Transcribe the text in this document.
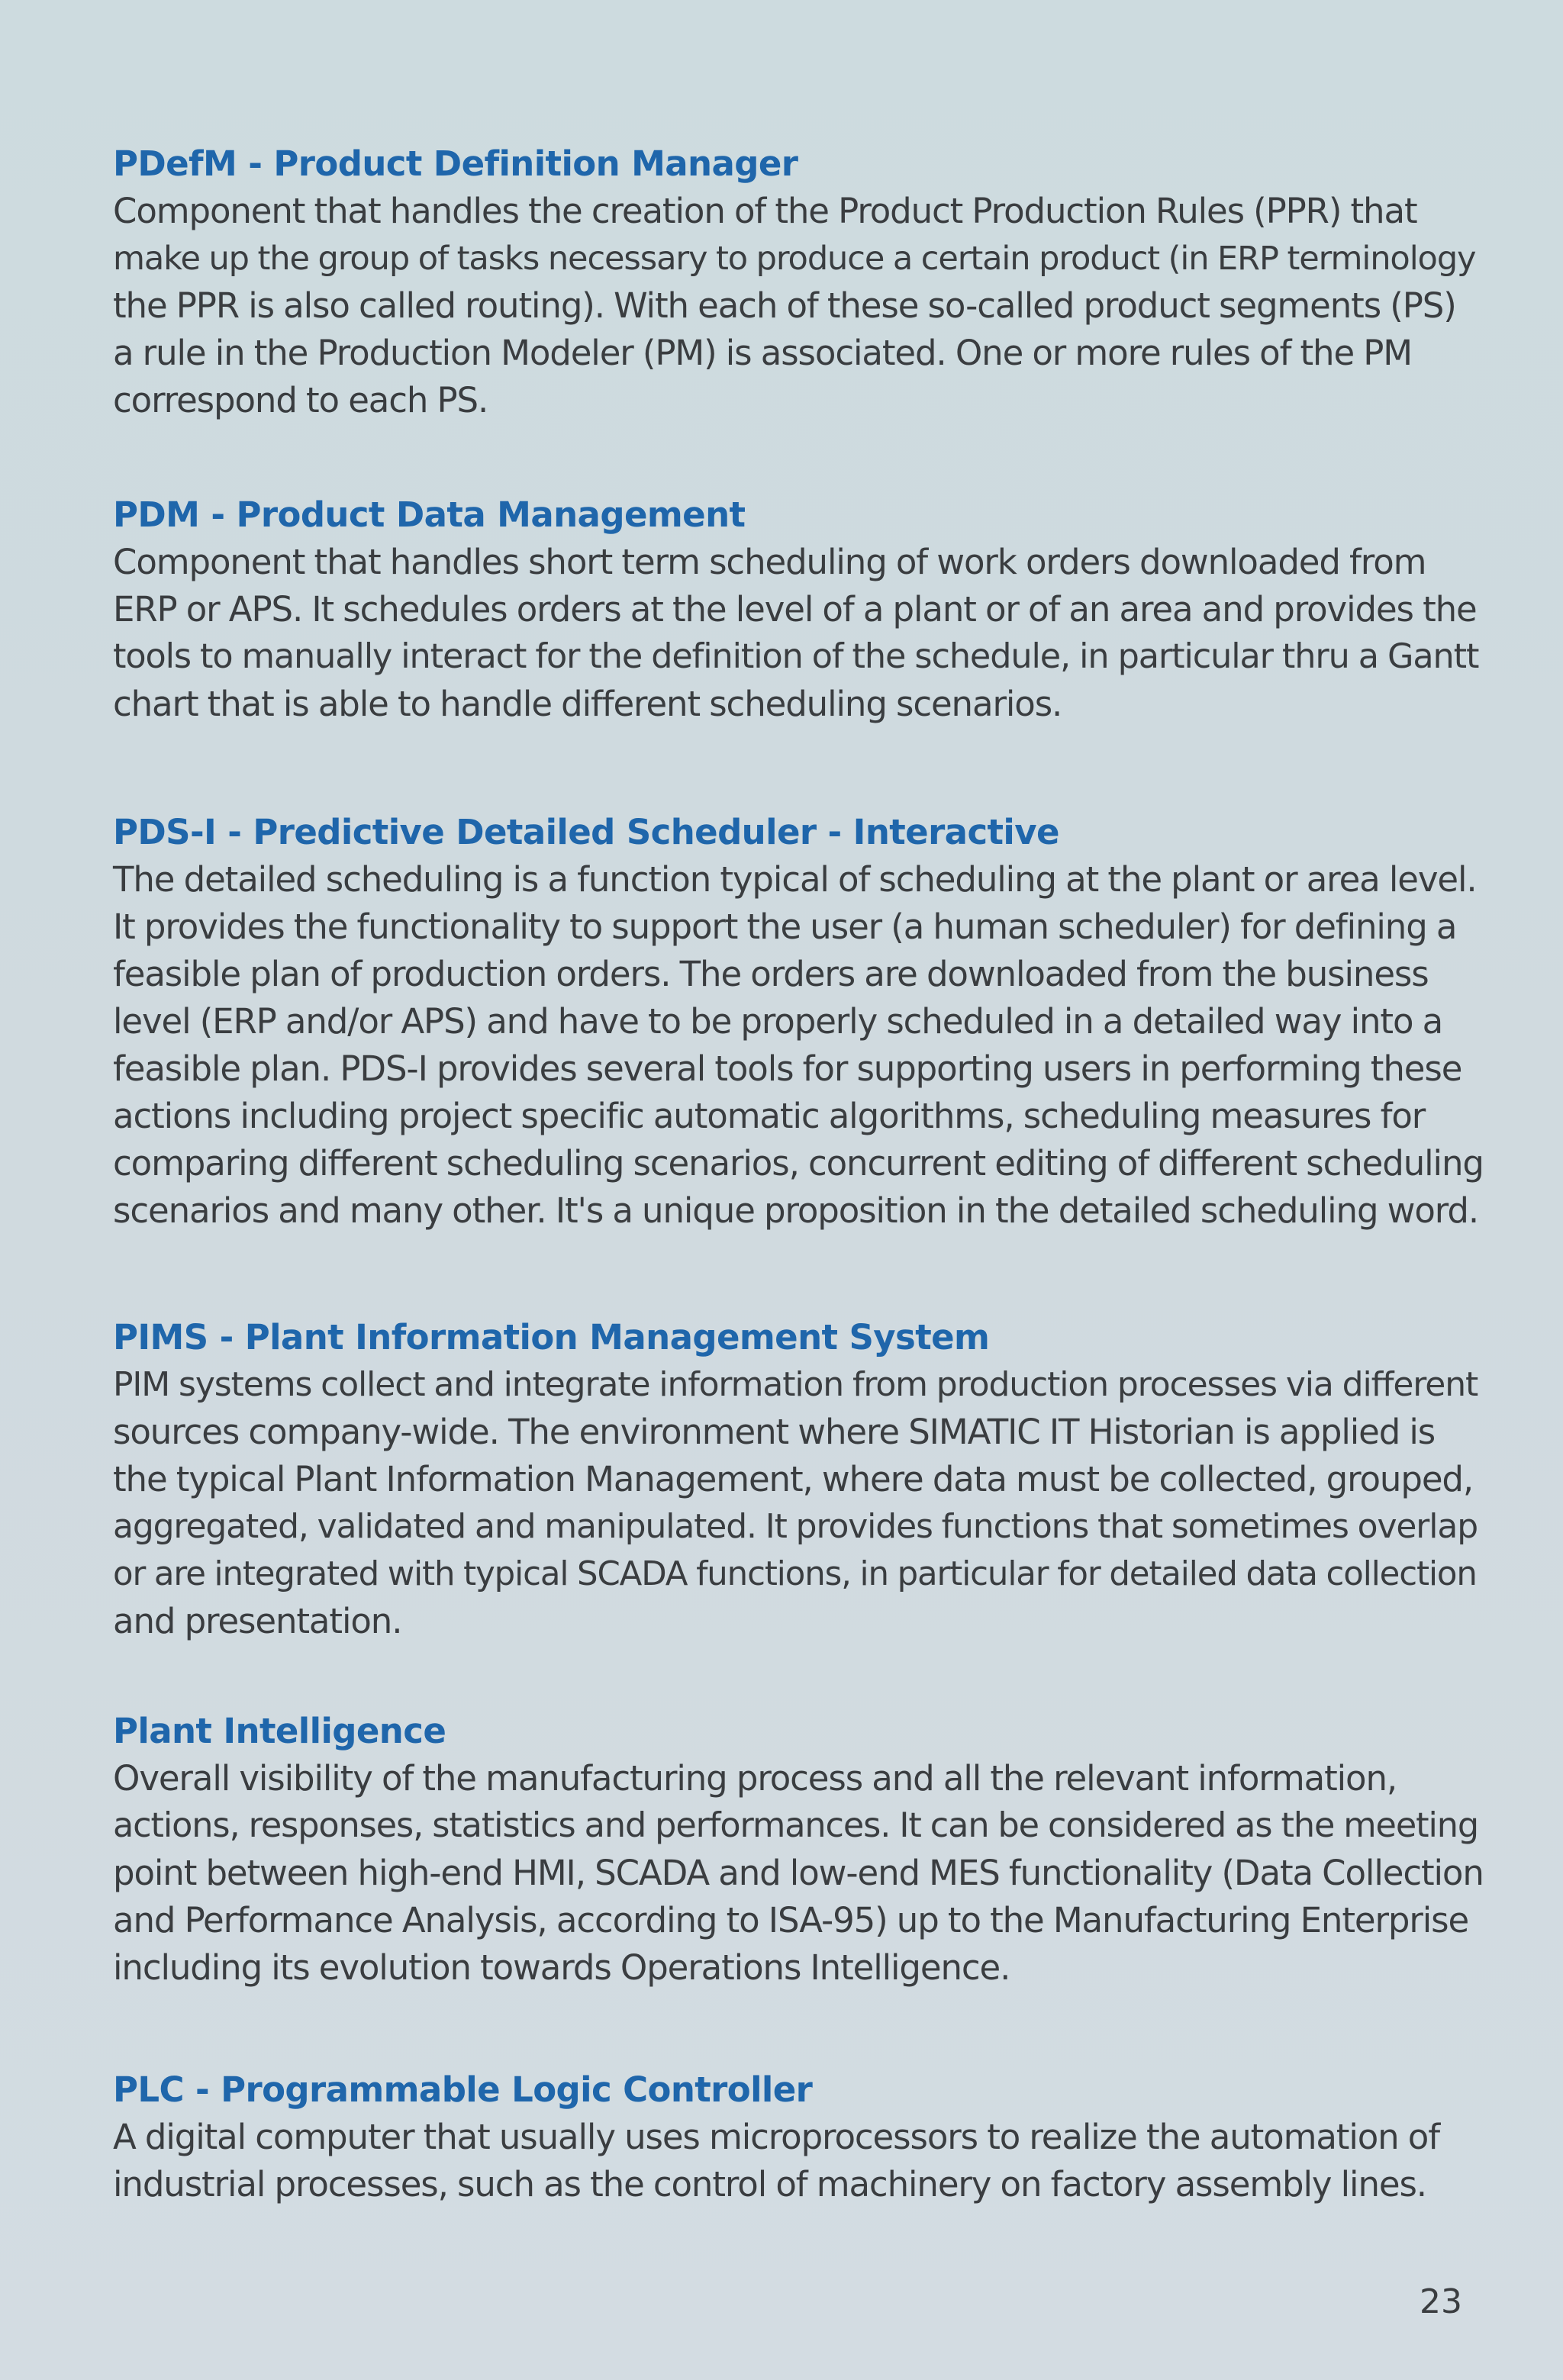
PDefM - Product Definition Manager

Component that handles the creation of the Product Production Rules (PPR) that
make up the group of tasks necessary to produce a certain product (in ERP terminology
the PPR is also called routing). With each of these so-called product segments (PS)
a rule in the Production Modeler (PM) is associated. One or more rules of the PM
correspond to each PS.

PDM - Product Data Management

Component that handles short term scheduling of work orders downloaded from
ERP or APS. It schedules orders at the level of a plant or of an area and provides the
tools to manually interact for the definition of the schedule, in particular thru a Gantt
chart that is able to handle different scheduling scenarios.

PDS-I - Predictive Detailed Scheduler - Interactive

The detailed scheduling is a function typical of scheduling at the plant or area level.
It provides the functionality to support the user (a human scheduler) for defining a
feasible plan of production orders. The orders are downloaded from the business
level (ERP and/or APS) and have to be properly scheduled in a detailed way into a
feasible plan. PDS-I provides several tools for supporting users in performing these
actions including project specific automatic algorithms, scheduling measures for
comparing different scheduling scenarios, concurrent editing of different scheduling
scenarios and many other. It's a unique proposition in the detailed scheduling word.

PIMS - Plant Information Management System

PIM systems collect and integrate information from production processes via different
sources company-wide. The environment where SIMATIC IT Historian is applied is
the typical Plant Information Management, where data must be collected, grouped,
aggregated, validated and manipulated. It provides functions that sometimes overlap
or are integrated with typical SCADA functions, in particular for detailed data collection
and presentation.

Plant Intelligence

Overall visibility of the manufacturing process and all the relevant information,
actions, responses, statistics and performances. It can be considered as the meeting
point between high-end HMI, SCADA and low-end MES functionality (Data Collection
and Performance Analysis, according to ISA-95) up to the Manufacturing Enterprise
including its evolution towards Operations Intelligence.

PLC - Programmable Logic Controller

A digital computer that usually uses microprocessors to realize the automation of
industrial processes, such as the control of machinery on factory assembly lines.

23
